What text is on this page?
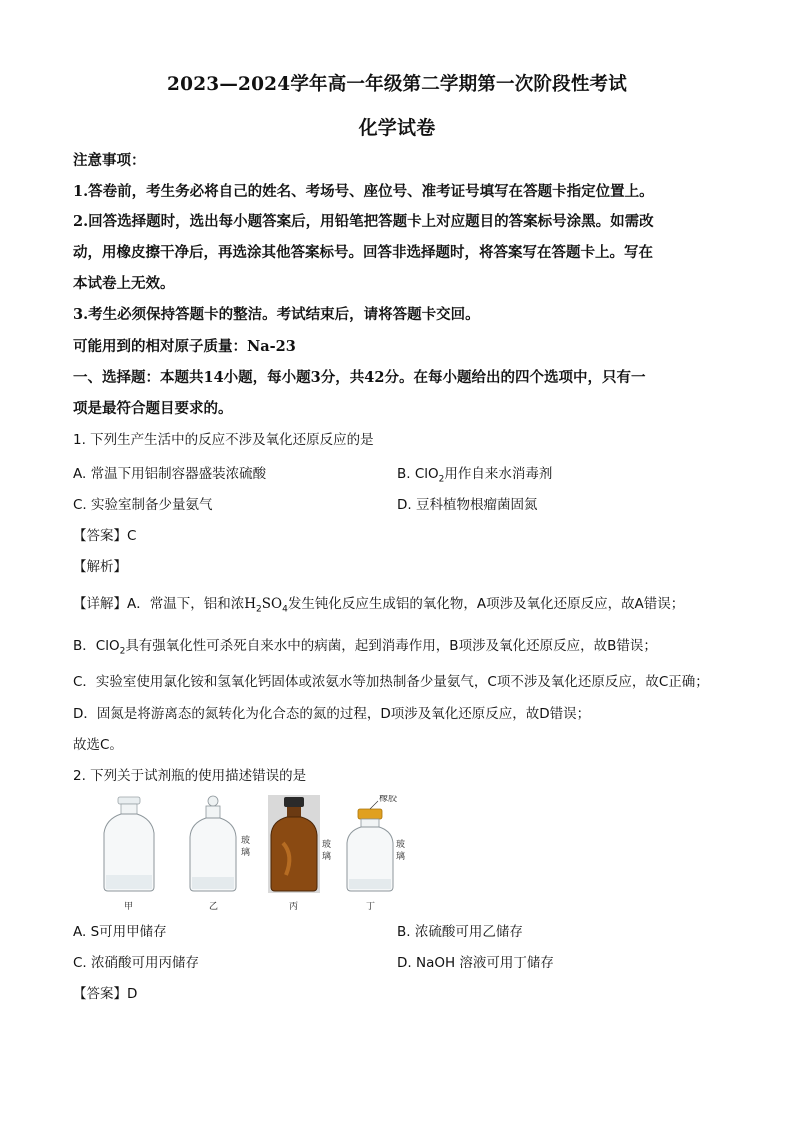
2023—2024学年高一年级第二学期第一次阶段性考试
化学试卷
注意事项：
1.答卷前，考生务必将自己的姓名、考场号、座位号、准考证号填写在答题卡指定位置上。
2.回答选择题时，选出每小题答案后，用铅笔把答题卡上对应题目的答案标号涂黑。如需改
动，用橡皮擦干净后，再选涂其他答案标号。回答非选择题时，将答案写在答题卡上。写在
本试卷上无效。
3.考生必须保持答题卡的整洁。考试结束后，请将答题卡交回。
可能用到的相对原子质量：Na-23
一、选择题：本题共14小题，每小题3分，共42分。在每小题给出的四个选项中，只有一
项是最符合题目要求的。
1. 下列生产生活中的反应不涉及氧化还原反应的是
A. 常温下用铝制容器盛装浓硫酸	B. ClO$_2$用作自来水消毒剂
C. 实验室制备少量氨气	D. 豆科植物根瘤菌固氮
【答案】C
【解析】
【详解】A．常温下，铝和浓$H_2SO_4$发生钝化反应生成铝的氧化物，A项涉及氧化还原反应，故A错误；
B．ClO$_2$具有强氧化性可杀死自来水中的病菌，起到消毒作用，B项涉及氧化还原反应，故B错误；
C．实验室使用氯化铵和氢氧化钙固体或浓氨水等加热制备少量氨气，C项不涉及氧化还原反应，故C正确；
D．固氮是将游离态的氮转化为化合态的氮的过程，D项涉及氧化还原反应，故D错误；
故选C。
2. 下列关于试剂瓶的使用描述错误的是
玻
璃
玻
璃
橡胶
玻
璃
甲	乙	丙	丁
A. S可用甲储存	B. 浓硫酸可用乙储存
C. 浓硝酸可用丙储存	D. NaOH 溶液可用丁储存
【答案】D
